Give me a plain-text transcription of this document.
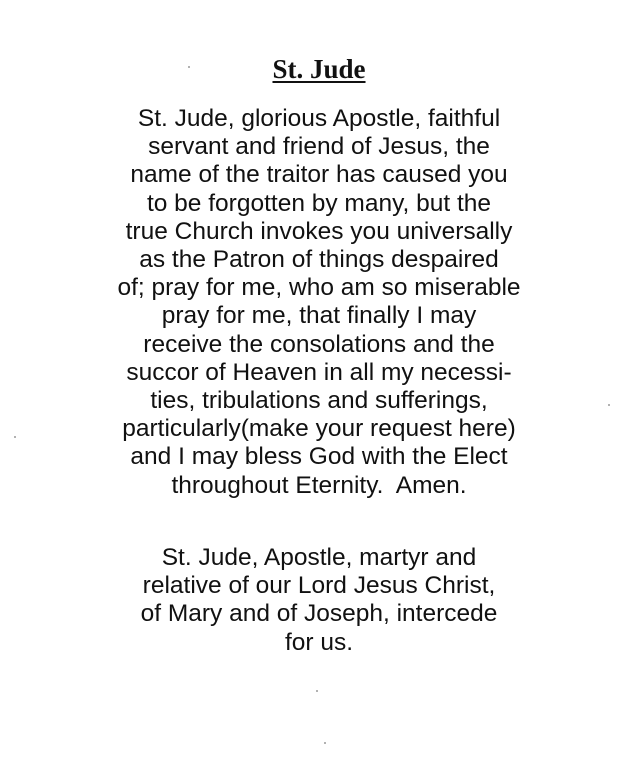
St. Jude
St. Jude, glorious Apostle, faithful
servant and friend of Jesus, the
name of the traitor has caused you
to be forgotten by many, but the
true Church invokes you universally
as the Patron of things despaired
of; pray for me, who am so miserable
pray for me, that finally I may
receive the consolations and the
succor of Heaven in all my necessi-
ties, tribulations and sufferings,
particularly(make your request here)
and I may bless God with the Elect
throughout Eternity.  Amen.
St. Jude, Apostle, martyr and
relative of our Lord Jesus Christ,
of Mary and of Joseph, intercede
for us.
